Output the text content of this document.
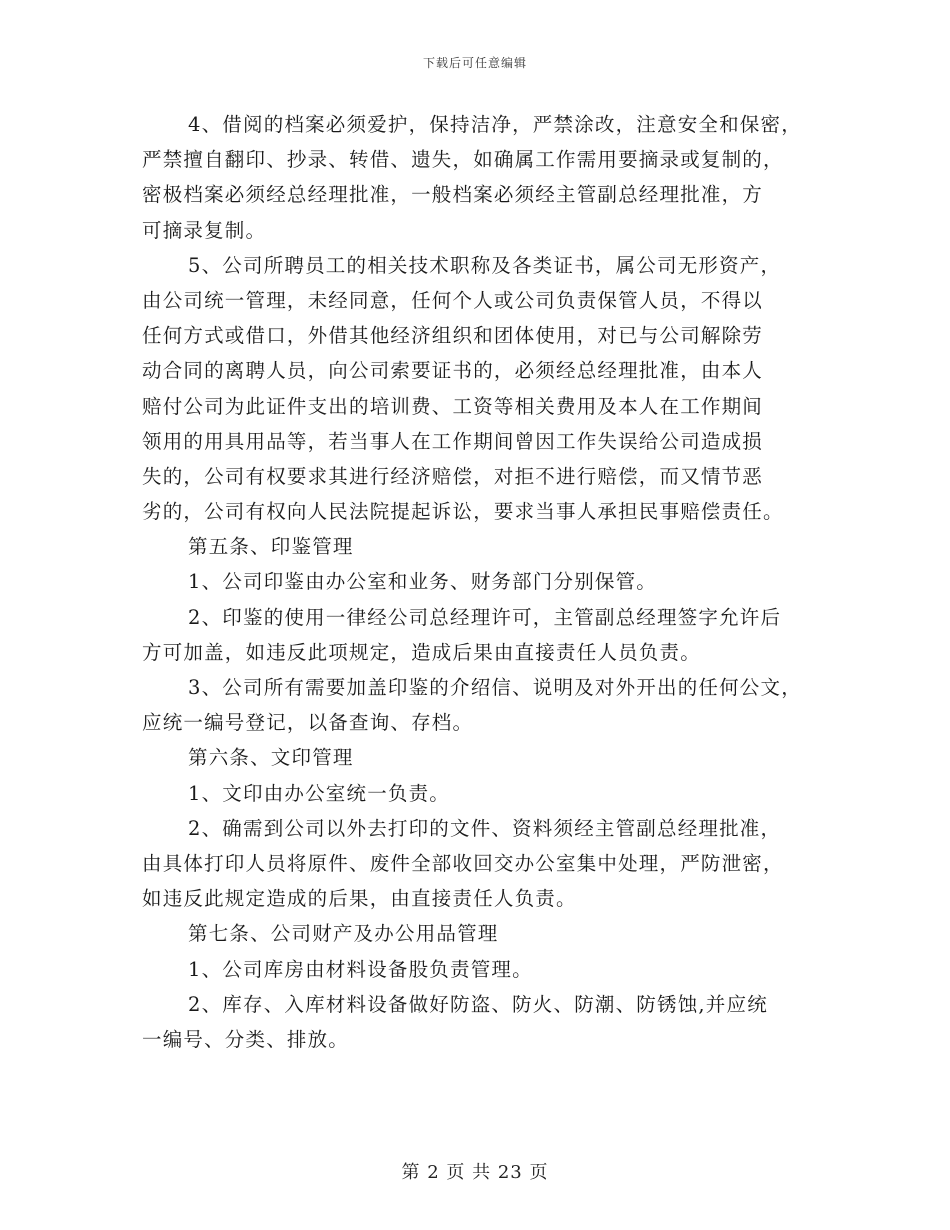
下载后可任意编辑
4、借阅的档案必须爱护，保持洁净，严禁涂改，注意安全和保密，
严禁擅自翻印、抄录、转借、遗失，如确属工作需用要摘录或复制的，
密极档案必须经总经理批准，一般档案必须经主管副总经理批准，方
可摘录复制。
5、公司所聘员工的相关技术职称及各类证书，属公司无形资产，
由公司统一管理，未经同意，任何个人或公司负责保管人员，不得以
任何方式或借口，外借其他经济组织和团体使用，对已与公司解除劳
动合同的离聘人员，向公司索要证书的，必须经总经理批准，由本人
赔付公司为此证件支出的培训费、工资等相关费用及本人在工作期间
领用的用具用品等，若当事人在工作期间曾因工作失误给公司造成损
失的，公司有权要求其进行经济赔偿，对拒不进行赔偿，而又情节恶
劣的，公司有权向人民法院提起诉讼，要求当事人承担民事赔偿责任。
第五条、印鉴管理
1、公司印鉴由办公室和业务、财务部门分别保管。
2、印鉴的使用一律经公司总经理许可，主管副总经理签字允许后
方可加盖，如违反此项规定，造成后果由直接责任人员负责。
3、公司所有需要加盖印鉴的介绍信、说明及对外开出的任何公文，
应统一编号登记，以备查询、存档。
第六条、文印管理
1、文印由办公室统一负责。
2、确需到公司以外去打印的文件、资料须经主管副总经理批准，
由具体打印人员将原件、废件全部收回交办公室集中处理，严防泄密，
如违反此规定造成的后果，由直接责任人负责。
第七条、公司财产及办公用品管理
1、公司库房由材料设备股负责管理。
2、库存、入库材料设备做好防盗、防火、防潮、防锈蚀,并应统
一编号、分类、排放。
第 2 页 共 23 页
